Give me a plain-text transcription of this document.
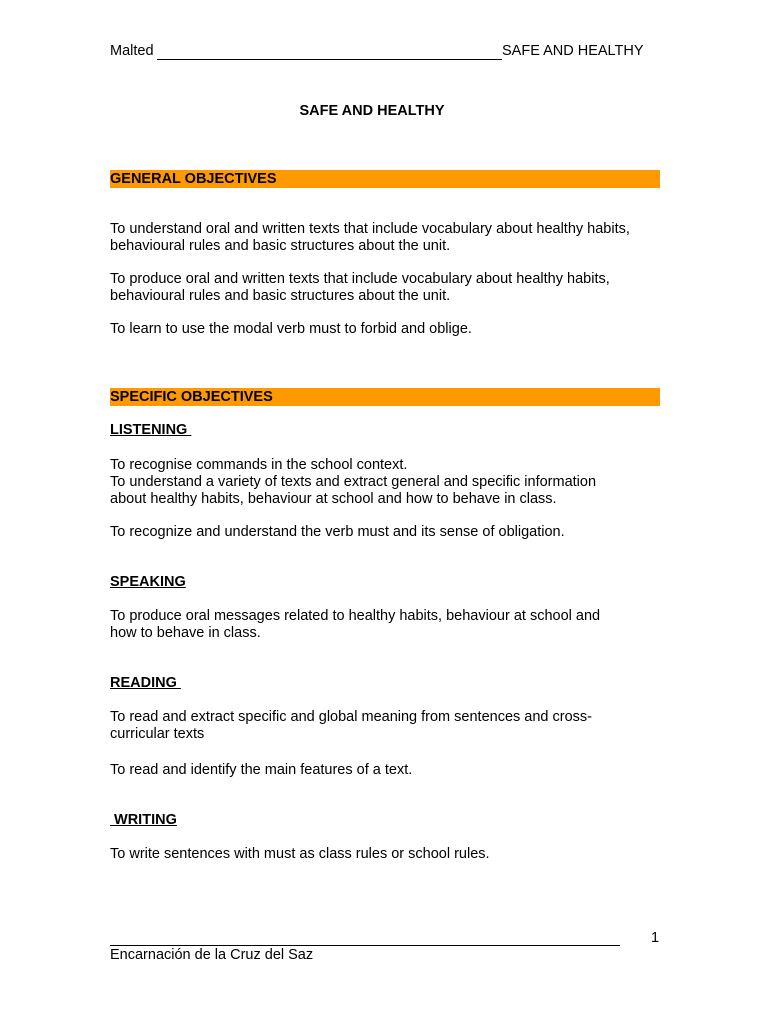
Malted	SAFE AND HEALTHY
SAFE AND HEALTHY
GENERAL OBJECTIVES
To understand oral and written texts that include vocabulary about healthy habits, behavioural rules and basic structures about the unit.
To produce oral and written texts that include vocabulary about healthy habits, behavioural rules and basic structures about the unit.
To learn to use the modal verb must to forbid and oblige.
SPECIFIC OBJECTIVES
LISTENING
To recognise commands in the school context.
To understand a variety of texts and extract general and specific information about healthy habits, behaviour at school and how to behave in class.
To recognize and understand the verb must and its sense of obligation.
SPEAKING
To produce oral messages related to healthy habits, behaviour at school and how to behave in class.
READING
To read and extract specific and global meaning from sentences and cross-curricular texts
To read and identify the main features of a text.
WRITING
To write sentences with must as class rules or school rules.
1
Encarnación de la Cruz del Saz
